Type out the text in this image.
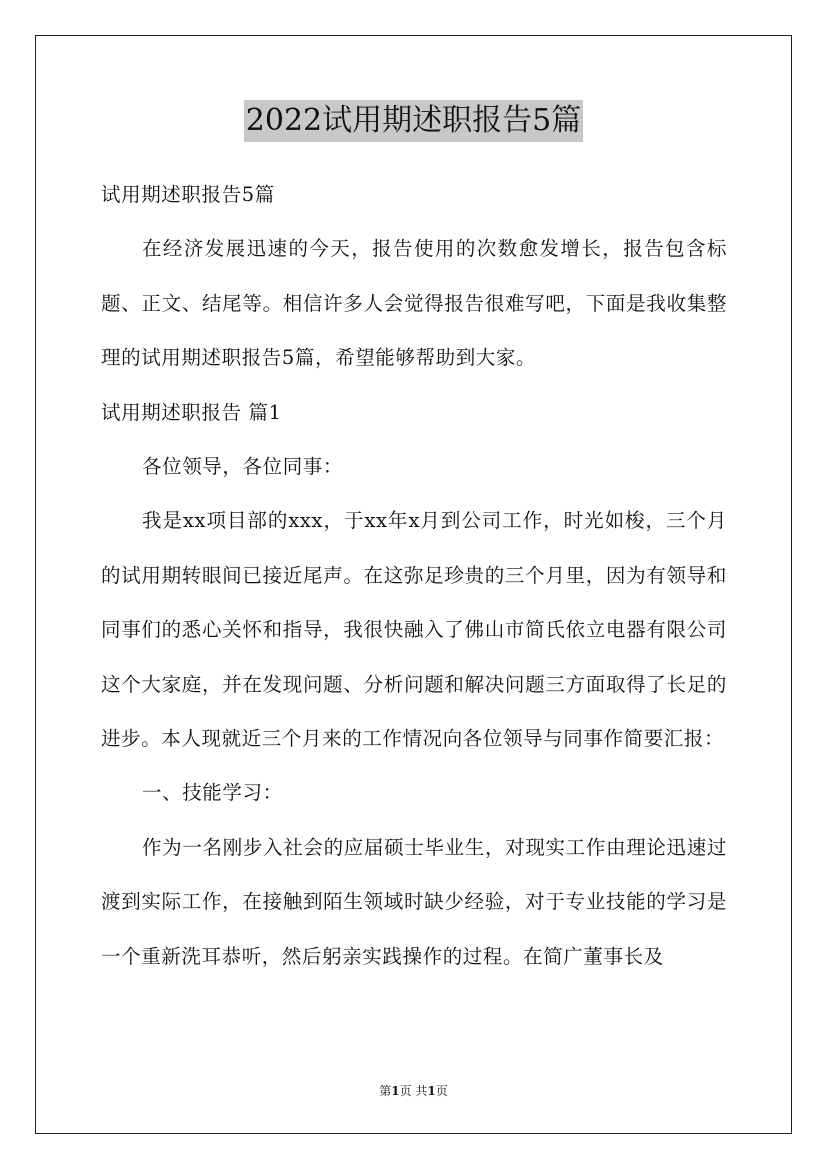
2022试用期述职报告5篇

试用期述职报告5篇

在经济发展迅速的今天，报告使用的次数愈发增长，报告包含标题、正文、结尾等。相信许多人会觉得报告很难写吧，下面是我收集整理的试用期述职报告5篇，希望能够帮助到大家。

试用期述职报告 篇1

各位领导，各位同事：

我是xx项目部的xxx，于xx年x月到公司工作，时光如梭，三个月的试用期转眼间已接近尾声。在这弥足珍贵的三个月里，因为有领导和同事们的悉心关怀和指导，我很快融入了佛山市简氏依立电器有限公司这个大家庭，并在发现问题、分析问题和解决问题三方面取得了长足的进步。本人现就近三个月来的工作情况向各位领导与同事作简要汇报：

一、技能学习：

作为一名刚步入社会的应届硕士毕业生，对现实工作由理论迅速过渡到实际工作，在接触到陌生领域时缺少经验，对于专业技能的学习是一个重新洗耳恭听，然后躬亲实践操作的过程。在简广董事长及

第1页 共1页
